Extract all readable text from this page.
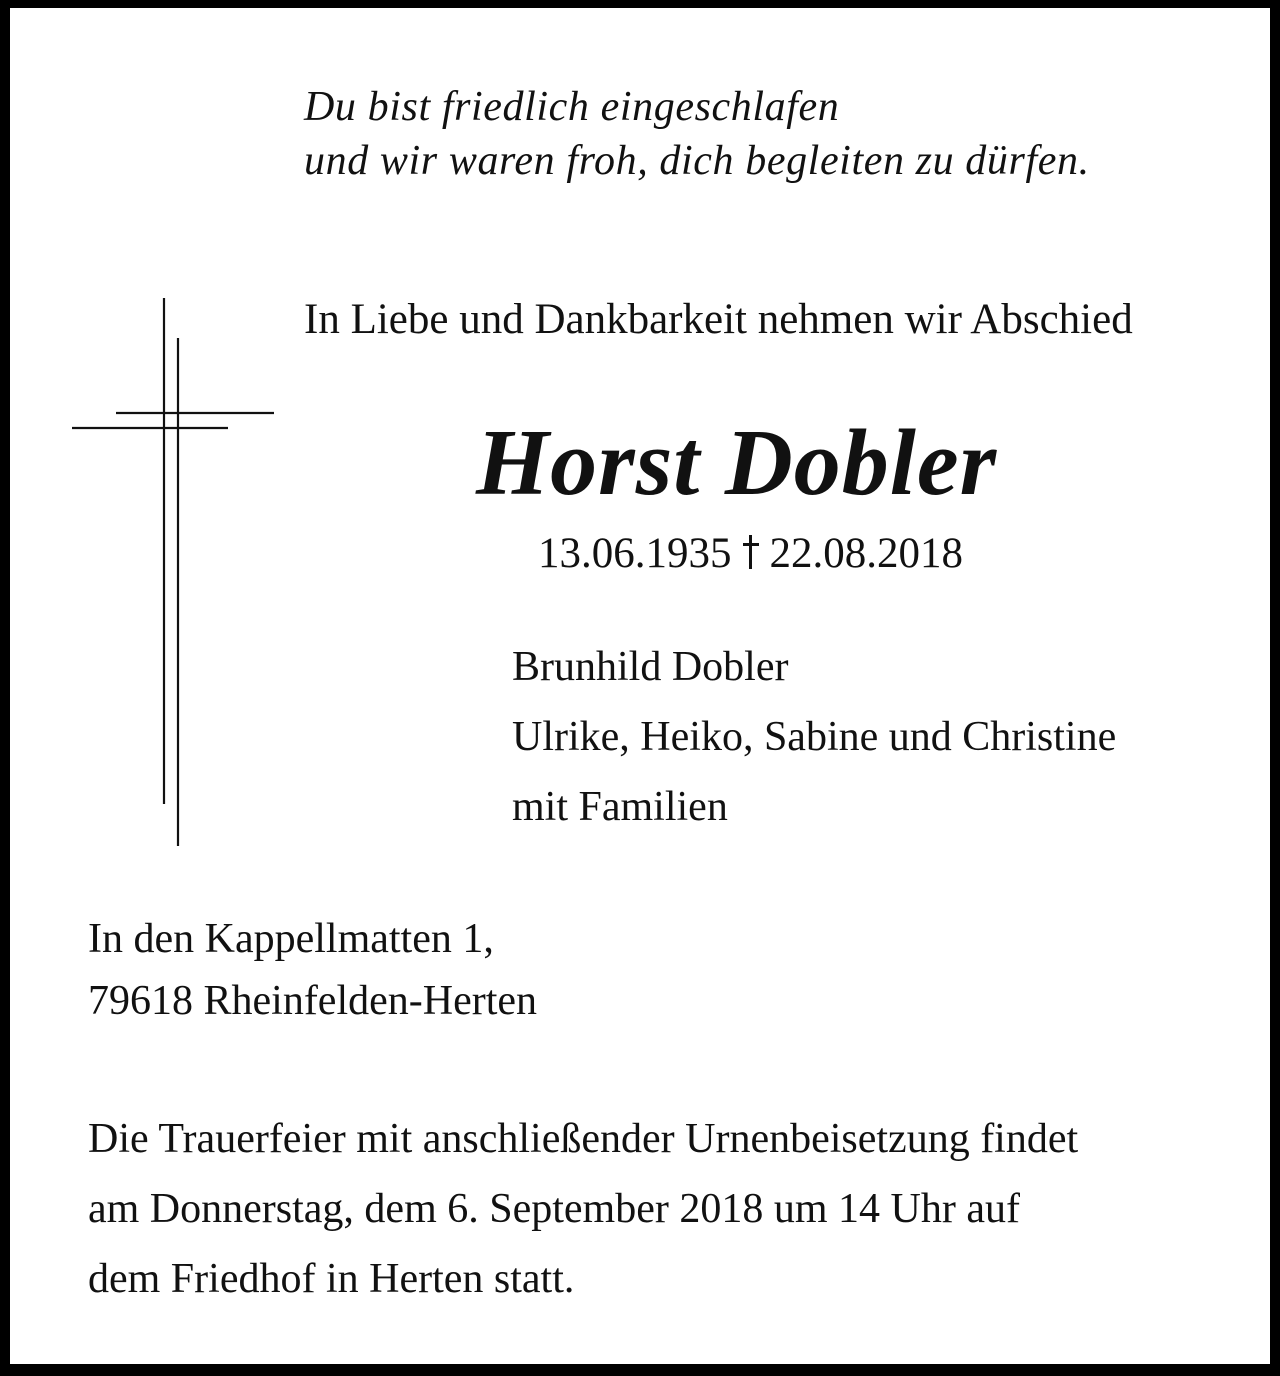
Du bist friedlich eingeschlafen
und wir waren froh, dich begleiten zu dürfen.

In Liebe und Dankbarkeit nehmen wir Abschied

Horst Dobler

13.06.1935 22.08.2018

Brunhild Dobler
Ulrike, Heiko, Sabine und Christine
mit Familien
In den Kappellmatten 1,
79618 Rheinfelden-Herten
Die Trauerfeier mit anschließender Urnenbeisetzung findet
am Donnerstag, dem 6. September 2018 um 14 Uhr auf
dem Friedhof in Herten statt.
